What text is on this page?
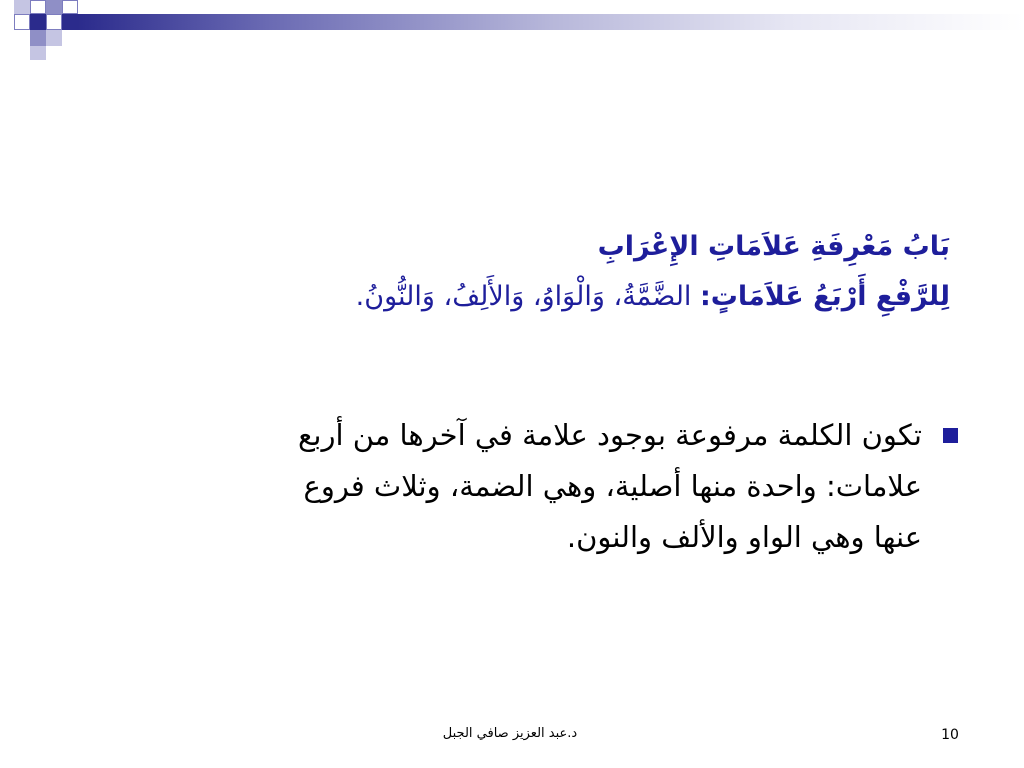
بَابُ مَعْرِفَةِ عَلاَمَاتِ الإِعْرَابِ
لِلرَّفْعِ أَرْبَعُ عَلاَمَاتٍ: الضَّمَّةُ، وَالْوَاوُ، وَالأَلِفُ، وَالنُّونُ.
تكون الكلمة مرفوعة بوجود علامة في آخرها من أربع
علامات: واحدة منها أصلية، وهي الضمة، وثلاث فروع
عنها وهي الواو والألف والنون.
د.عبد العزيز صافي الجبل	10
